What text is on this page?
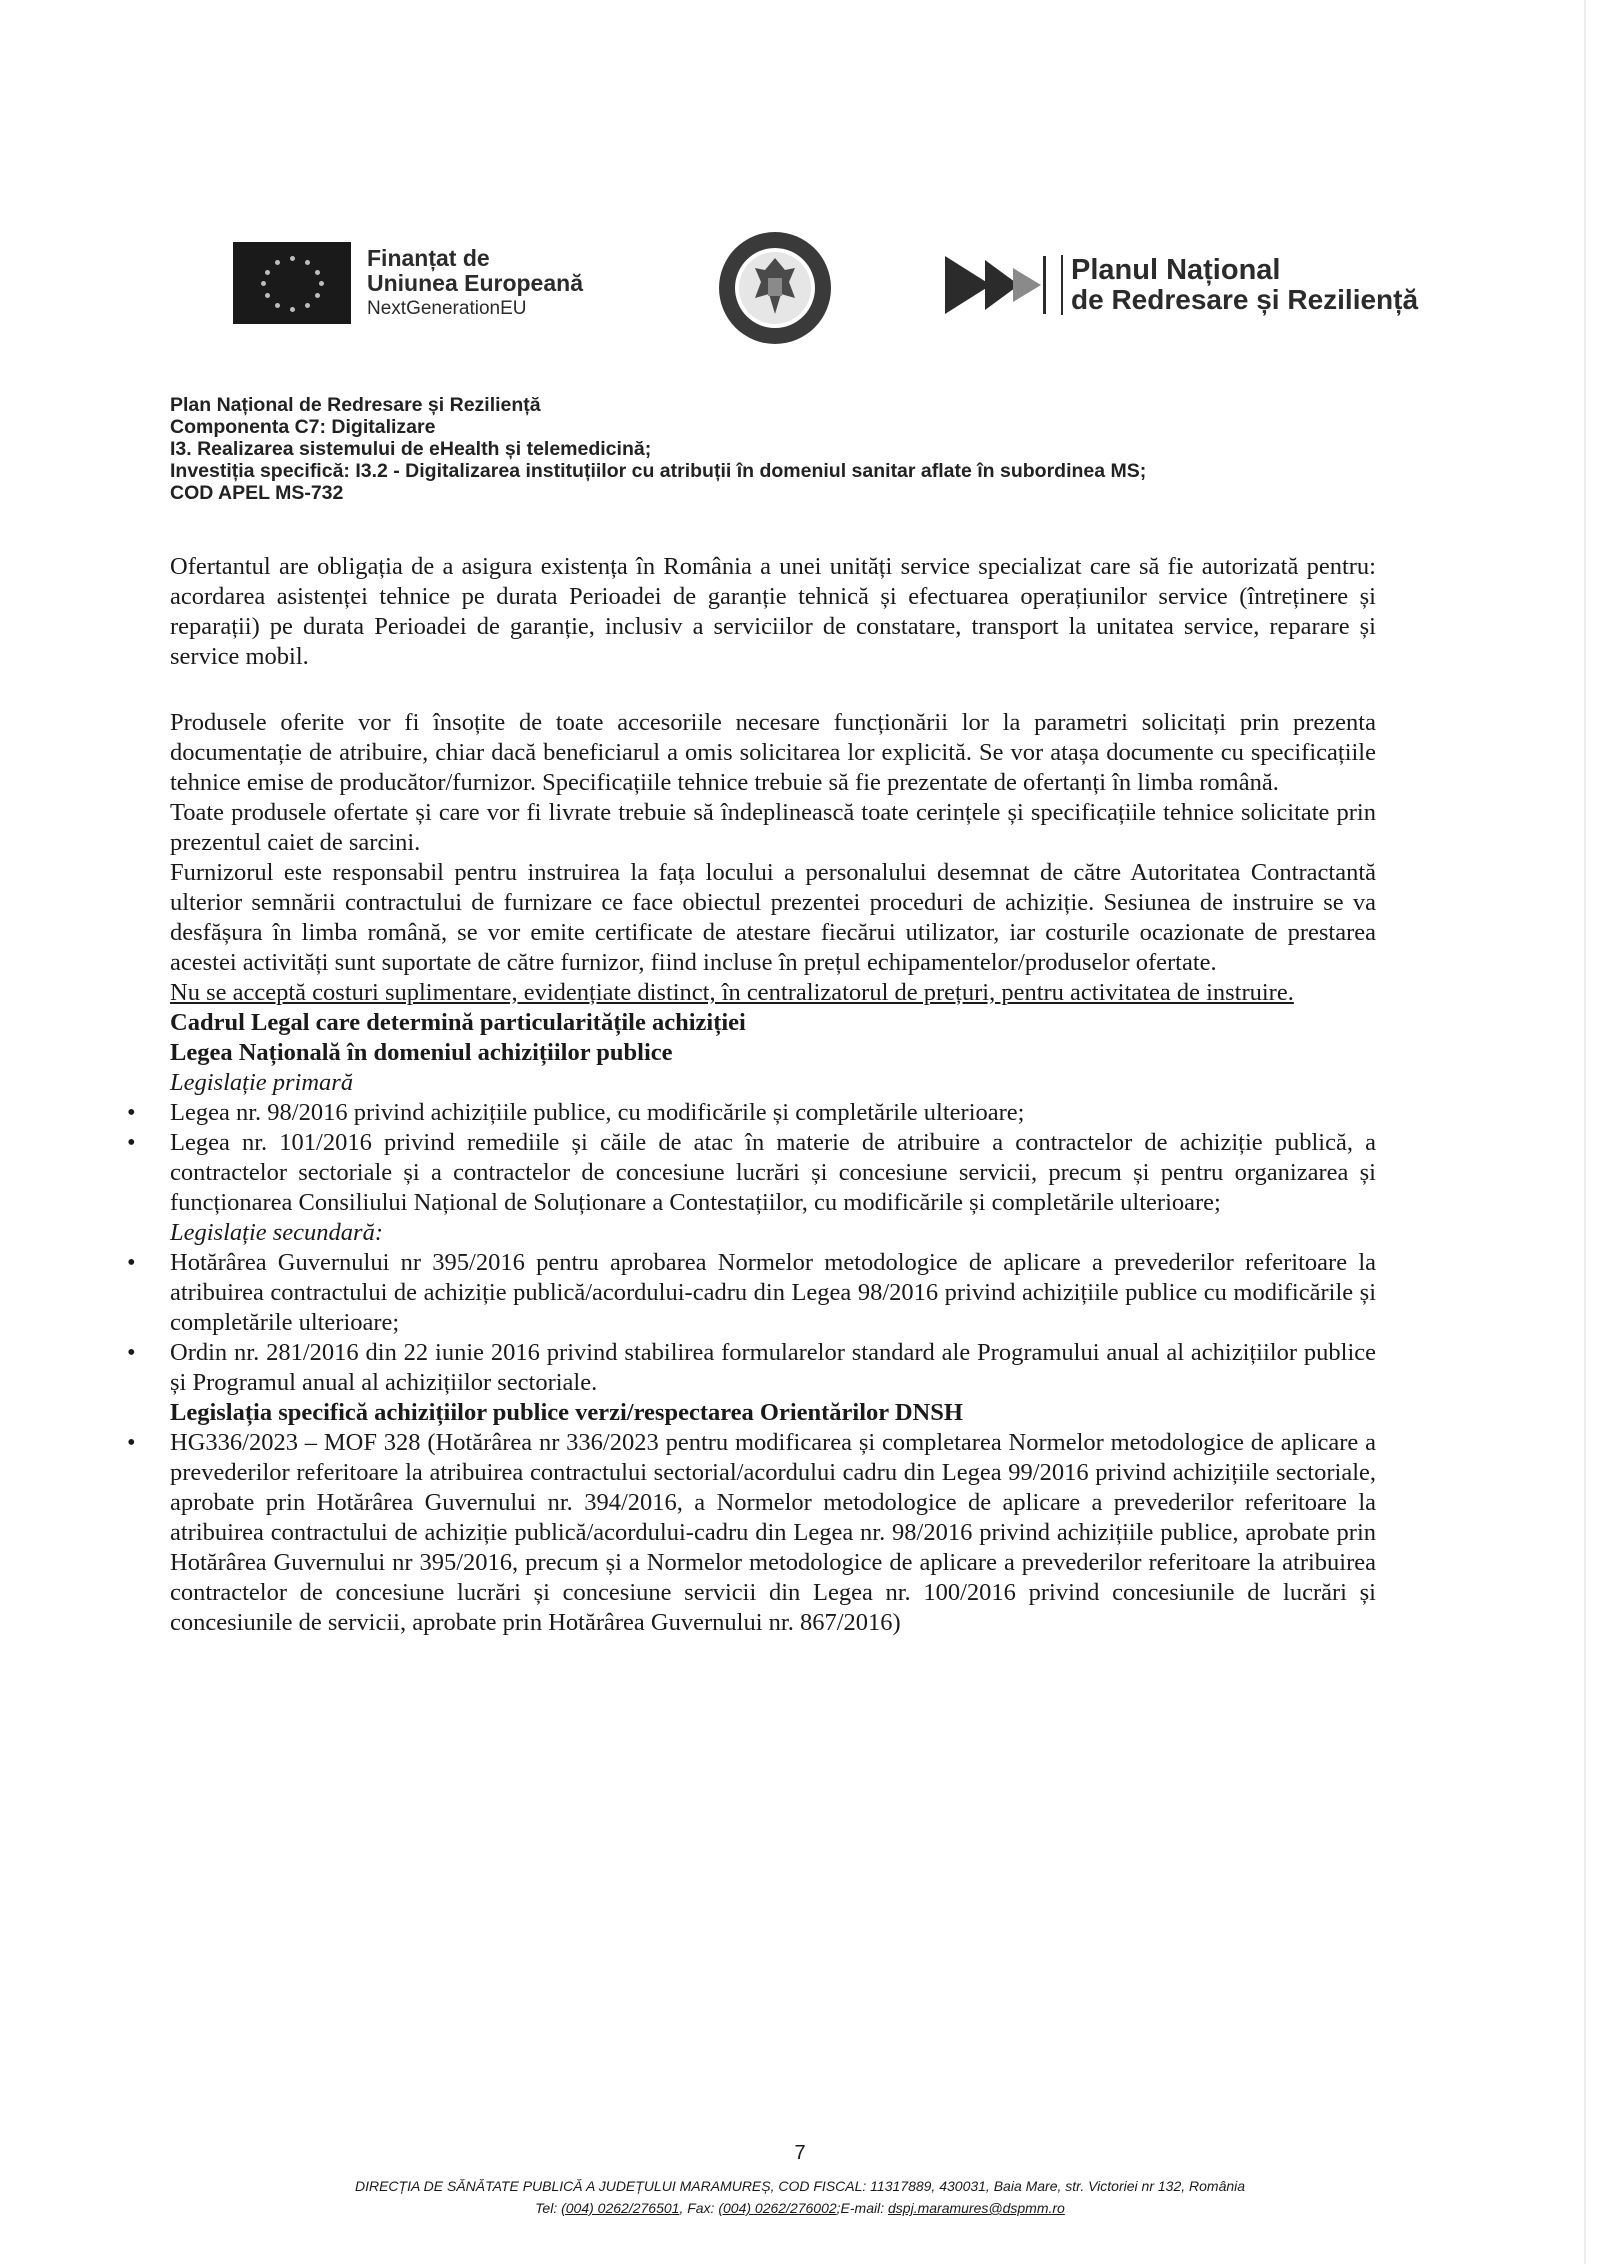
Finanțat de
Uniunea Europeană
NextGenerationEU
Planul Național
de Redresare și Reziliență
Plan Național de Redresare și Reziliență
Componenta C7: Digitalizare
I3. Realizarea sistemului de eHealth și telemedicină;
Investiția specifică: I3.2 - Digitalizarea instituțiilor cu atribuții în domeniul sanitar aflate în subordinea MS;
COD APEL MS-732

Ofertantul are obligația de a asigura existența în România a unei unități service specializat care să fie autorizată pentru: acordarea asistenței tehnice pe durata Perioadei de garanție tehnică și efectuarea operațiunilor service (întreținere și reparații) pe durata Perioadei de garanție, inclusiv a serviciilor de constatare, transport la unitatea service, reparare și service mobil.

Produsele oferite vor fi însoțite de toate accesoriile necesare funcționării lor la parametri solicitați prin prezenta documentație de atribuire, chiar dacă beneficiarul a omis solicitarea lor explicită. Se vor atașa documente cu specificațiile tehnice emise de producător/furnizor. Specificațiile tehnice trebuie să fie prezentate de ofertanți în limba română.

Toate produsele ofertate și care vor fi livrate trebuie să îndeplinească toate cerințele și specificațiile tehnice solicitate prin prezentul caiet de sarcini.

Furnizorul este responsabil pentru instruirea la fața locului a personalului desemnat de către Autoritatea Contractantă ulterior semnării contractului de furnizare ce face obiectul prezentei proceduri de achiziție. Sesiunea de instruire se va desfășura în limba română, se vor emite certificate de atestare fiecărui utilizator, iar costurile ocazionate de prestarea acestei activități sunt suportate de către furnizor, fiind incluse în prețul echipamentelor/produselor ofertate.

Nu se acceptă costuri suplimentare, evidențiate distinct, în centralizatorul de prețuri, pentru activitatea de instruire.

Cadrul Legal care determină particularitățile achiziției

Legea Națională în domeniul achizițiilor publice

Legislație primară

• Legea nr. 98/2016 privind achizițiile publice, cu modificările și completările ulterioare;

• Legea nr. 101/2016 privind remediile și căile de atac în materie de atribuire a contractelor de achiziție publică, a contractelor sectoriale și a contractelor de concesiune lucrări și concesiune servicii, precum și pentru organizarea și funcționarea Consiliului Național de Soluționare a Contestațiilor, cu modificările și completările ulterioare;

Legislație secundară:

• Hotărârea Guvernului nr 395/2016 pentru aprobarea Normelor metodologice de aplicare a prevederilor referitoare la atribuirea contractului de achiziție publică/acordului-cadru din Legea 98/2016 privind achizițiile publice cu modificările și completările ulterioare;

• Ordin nr. 281/2016 din 22 iunie 2016 privind stabilirea formularelor standard ale Programului anual al achizițiilor publice și Programul anual al achizițiilor sectoriale.

Legislația specifică achizițiilor publice verzi/respectarea Orientărilor DNSH

• HG336/2023 – MOF 328 (Hotărârea nr 336/2023 pentru modificarea și completarea Normelor metodologice de aplicare a prevederilor referitoare la atribuirea contractului sectorial/acordului cadru din Legea 99/2016 privind achizițiile sectoriale, aprobate prin Hotărârea Guvernului nr. 394/2016, a Normelor metodologice de aplicare a prevederilor referitoare la atribuirea contractului de achiziție publică/acordului-cadru din Legea nr. 98/2016 privind achizițiile publice, aprobate prin Hotărârea Guvernului nr 395/2016, precum și a Normelor metodologice de aplicare a prevederilor referitoare la atribuirea contractelor de concesiune lucrări și concesiune servicii din Legea nr. 100/2016 privind concesiunile de lucrări și concesiunile de servicii, aprobate prin Hotărârea Guvernului nr. 867/2016)

7
DIRECȚIA DE SĂNĂTATE PUBLICĂ A JUDEȚULUI MARAMUREȘ, COD FISCAL: 11317889, 430031, Baia Mare, str. Victoriei nr 132, România
Tel: (004) 0262/276501, Fax: (004) 0262/276002;E-mail: dspj.maramures@dspmm.ro
